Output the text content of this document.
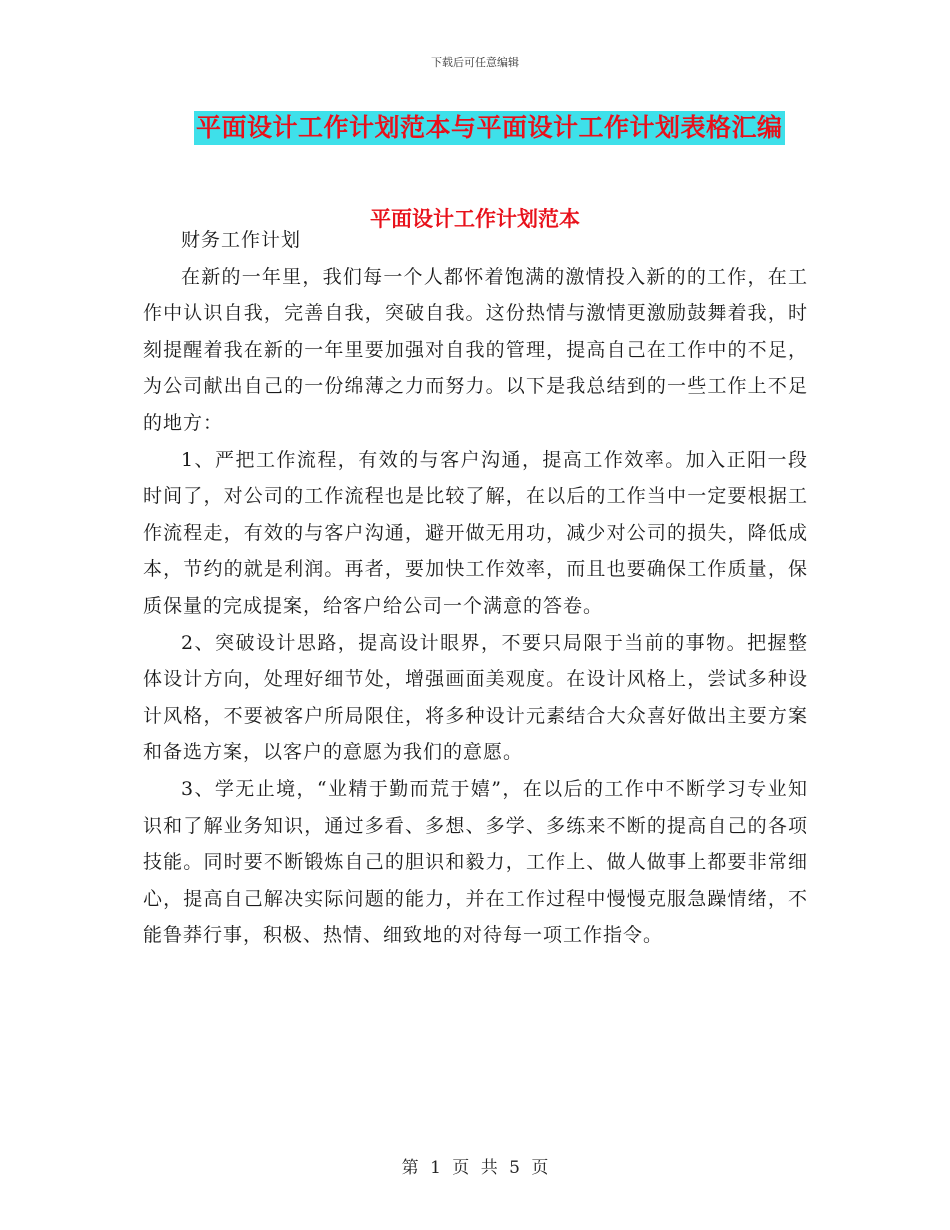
下载后可任意编辑
平面设计工作计划范本与平面设计工作计划表格汇编
平面设计工作计划范本

财务工作计划

在新的一年里，我们每一个人都怀着饱满的激情投入新的的工作，在工作中认识自我，完善自我，突破自我。这份热情与激情更激励鼓舞着我，时刻提醒着我在新的一年里要加强对自我的管理，提高自己在工作中的不足，为公司献出自己的一份绵薄之力而努力。以下是我总结到的一些工作上不足的地方：

1、严把工作流程，有效的与客户沟通，提高工作效率。加入正阳一段时间了，对公司的工作流程也是比较了解，在以后的工作当中一定要根据工作流程走，有效的与客户沟通，避开做无用功，减少对公司的损失，降低成本，节约的就是利润。再者，要加快工作效率，而且也要确保工作质量，保质保量的完成提案，给客户给公司一个满意的答卷。

2、突破设计思路，提高设计眼界，不要只局限于当前的事物。把握整体设计方向，处理好细节处，增强画面美观度。在设计风格上，尝试多种设计风格，不要被客户所局限住，将多种设计元素结合大众喜好做出主要方案和备选方案，以客户的意愿为我们的意愿。

3、学无止境，“业精于勤而荒于嬉”，在以后的工作中不断学习专业知识和了解业务知识，通过多看、多想、多学、多练来不断的提高自己的各项技能。同时要不断锻炼自己的胆识和毅力，工作上、做人做事上都要非常细心，提高自己解决实际问题的能力，并在工作过程中慢慢克服急躁情绪，不能鲁莽行事，积极、热情、细致地的对待每一项工作指令。

第 1 页 共 5 页
